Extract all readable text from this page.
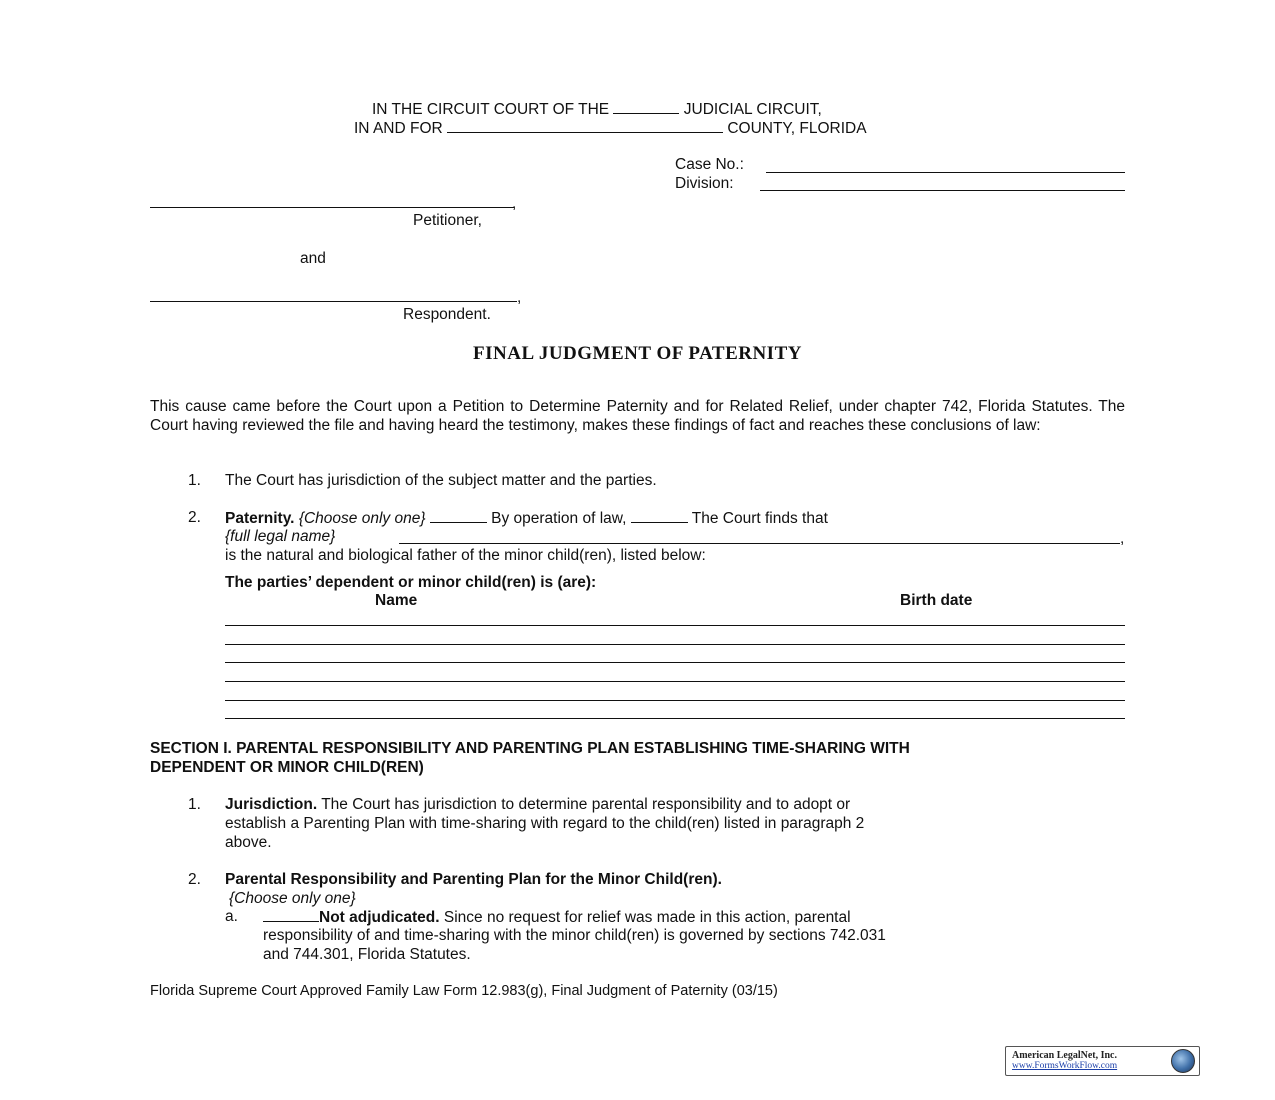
IN THE CIRCUIT COURT OF THE	JUDICIAL CIRCUIT,
IN AND FOR	COUNTY, FLORIDA
Case No.:
Division:
,
Petitioner,
and
,
Respondent.
FINAL JUDGMENT OF PATERNITY
This cause came before the Court upon a Petition to Determine Paternity and for Related Relief, under chapter 742, Florida Statutes. The Court having reviewed the file and having heard the testimony, makes these findings of fact and reaches these conclusions of law:
1. The Court has jurisdiction of the subject matter and the parties.
2. Paternity. {Choose only one}	By operation of law,	The Court finds that
{full legal name}	,
is the natural and biological father of the minor child(ren), listed below:
The parties’ dependent or minor child(ren) is (are):
Name	Birth date
SECTION I. PARENTAL RESPONSIBILITY AND PARENTING PLAN ESTABLISHING TIME-SHARING WITH
DEPENDENT OR MINOR CHILD(REN)
1. Jurisdiction. The Court has jurisdiction to determine parental responsibility and to adopt or
establish a Parenting Plan with time-sharing with regard to the child(ren) listed in paragraph 2
above.
2. Parental Responsibility and Parenting Plan for the Minor Child(ren).
{Choose only one}
a.	Not adjudicated. Since no request for relief was made in this action, parental
responsibility of and time-sharing with the minor child(ren) is governed by sections 742.031
and 744.301, Florida Statutes.
Florida Supreme Court Approved Family Law Form 12.983(g), Final Judgment of Paternity (03/15)
American LegalNet, Inc.
www.FormsWorkFlow.com
